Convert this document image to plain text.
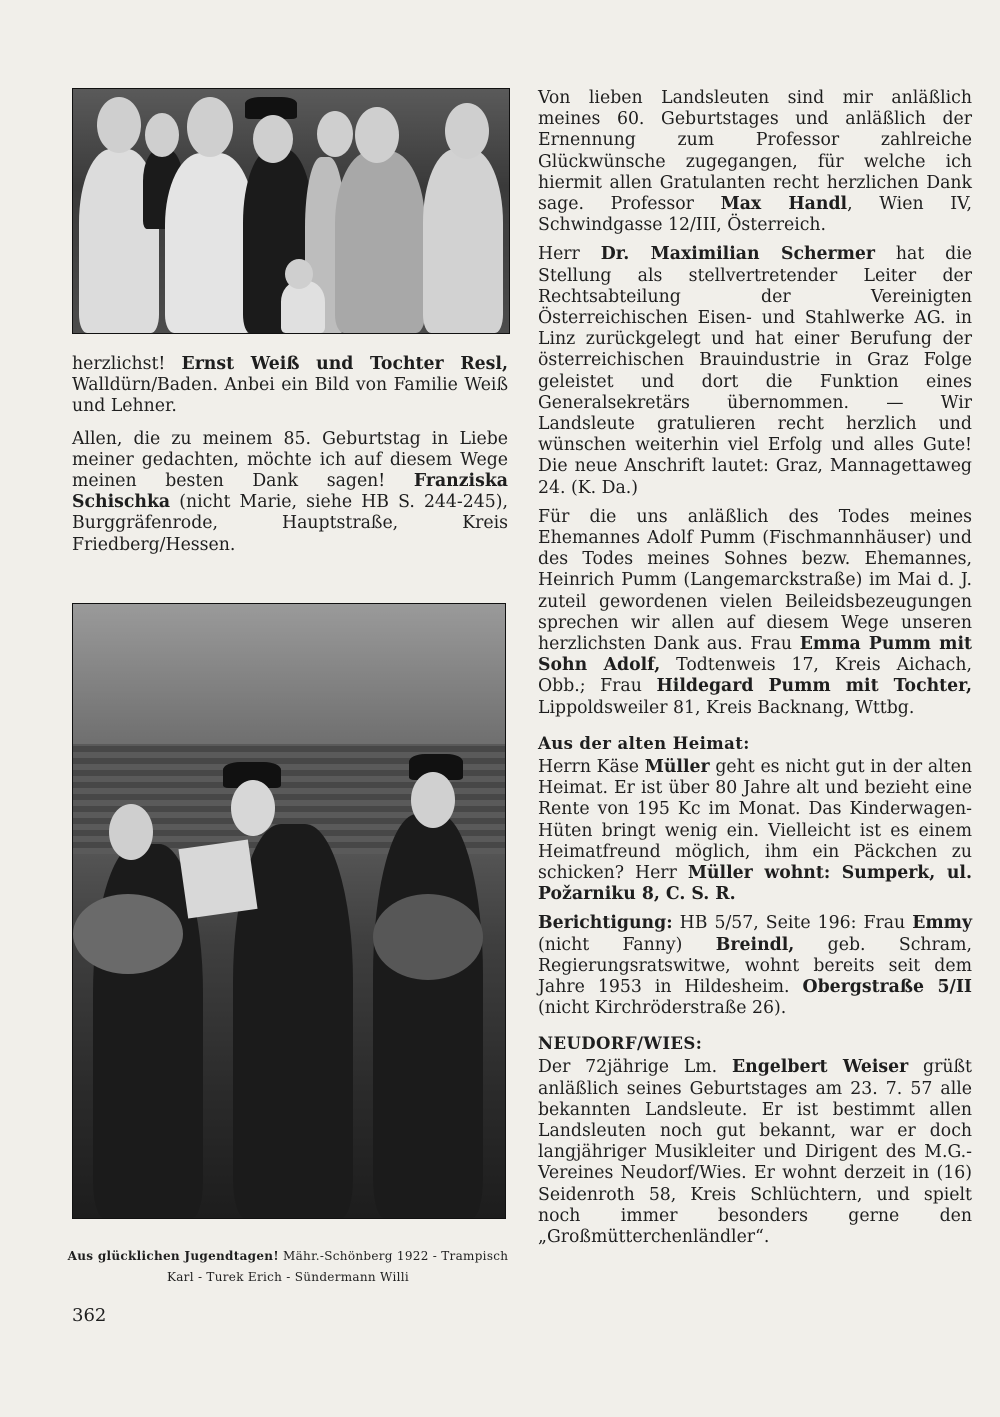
herzlichst! Ernst Weiß und Tochter Resl, Walldürn/Baden. Anbei ein Bild von Familie Weiß und Lehner.
Allen, die zu meinem 85. Geburtstag in Liebe meiner gedachten, möchte ich auf diesem Wege meinen besten Dank sagen! Franziska Schischka (nicht Marie, siehe HB S. 244-245), Burggräfenrode, Hauptstraße, Kreis Friedberg/Hessen.
Aus glücklichen Jugendtagen! Mähr.-Schönberg 1922 - Trampisch Karl - Turek Erich - Sündermann Willi
362
Von lieben Landsleuten sind mir anläßlich meines 60. Geburtstages und anläßlich der Ernennung zum Professor zahlreiche Glückwünsche zugegangen, für welche ich hiermit allen Gratulanten recht herzlichen Dank sage. Professor Max Handl, Wien IV, Schwindgasse 12/III, Österreich.
Herr Dr. Maximilian Schermer hat die Stellung als stellvertretender Leiter der Rechtsabteilung der Vereinigten Österreichischen Eisen- und Stahlwerke AG. in Linz zurückgelegt und hat einer Berufung der österreichischen Brauindustrie in Graz Folge geleistet und dort die Funktion eines Generalsekretärs übernommen. — Wir Landsleute gratulieren recht herzlich und wünschen weiterhin viel Erfolg und alles Gute! Die neue Anschrift lautet: Graz, Mannagettaweg 24. (K. Da.)
Für die uns anläßlich des Todes meines Ehemannes Adolf Pumm (Fischmannhäuser) und des Todes meines Sohnes bezw. Ehemannes, Heinrich Pumm (Langemarckstraße) im Mai d. J. zuteil gewordenen vielen Beileidsbezeugungen sprechen wir allen auf diesem Wege unseren herzlichsten Dank aus. Frau Emma Pumm mit Sohn Adolf, Todtenweis 17, Kreis Aichach, Obb.; Frau Hildegard Pumm mit Tochter, Lippoldsweiler 81, Kreis Backnang, Wttbg.
Aus der alten Heimat:
Herrn Käse Müller geht es nicht gut in der alten Heimat. Er ist über 80 Jahre alt und bezieht eine Rente von 195 Kc im Monat. Das Kinderwagen-Hüten bringt wenig ein. Vielleicht ist es einem Heimatfreund möglich, ihm ein Päckchen zu schicken? Herr Müller wohnt: Sumperk, ul. Požarniku 8, C. S. R.
Berichtigung: HB 5/57, Seite 196: Frau Emmy (nicht Fanny) Breindl, geb. Schram, Regierungsratswitwe, wohnt bereits seit dem Jahre 1953 in Hildesheim. Obergstraße 5/II (nicht Kirchröderstraße 26).
NEUDORF/WIES:
Der 72jährige Lm. Engelbert Weiser grüßt anläßlich seines Geburtstages am 23. 7. 57 alle bekannten Landsleute. Er ist bestimmt allen Landsleuten noch gut bekannt, war er doch langjähriger Musikleiter und Dirigent des M.G.-Vereines Neudorf/Wies. Er wohnt derzeit in (16) Seidenroth 58, Kreis Schlüchtern, und spielt noch immer besonders gerne den „Großmütterchenländler“.
